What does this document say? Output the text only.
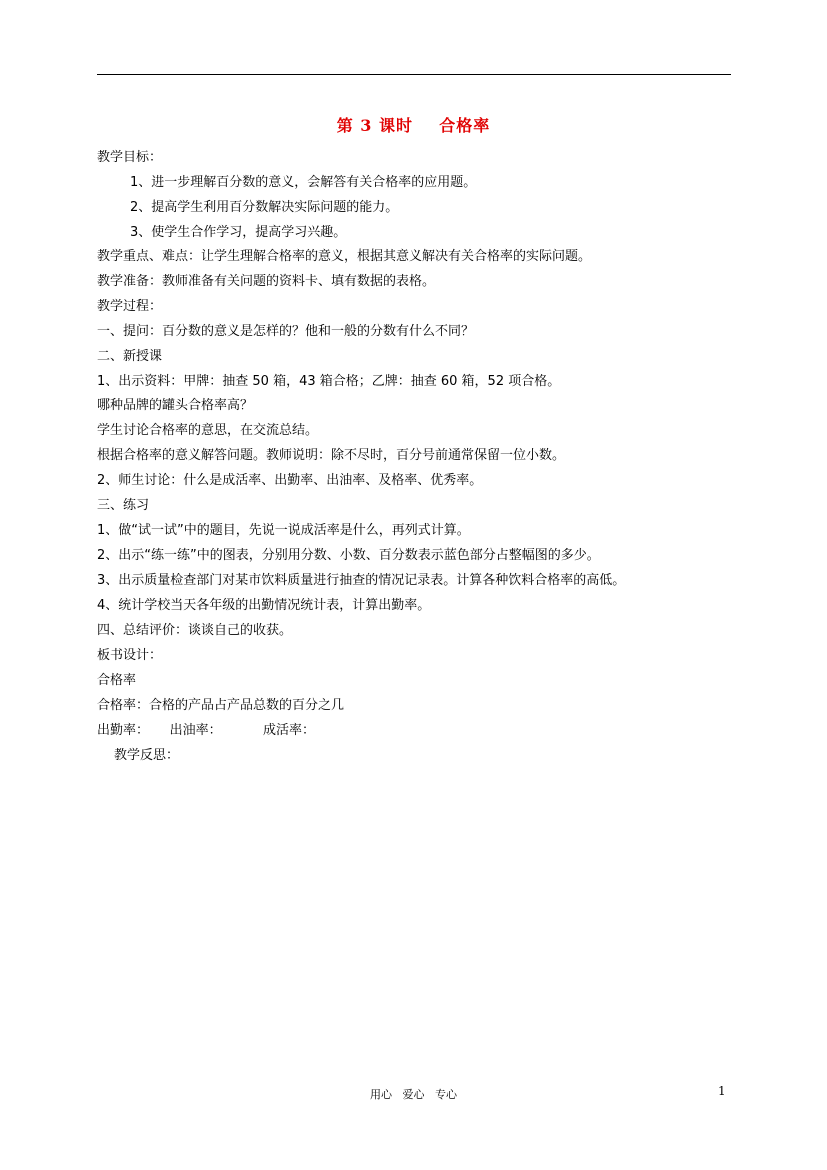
第 3 课时    合格率
教学目标：
1、进一步理解百分数的意义，会解答有关合格率的应用题。
2、提高学生利用百分数解决实际问题的能力。
3、使学生合作学习，提高学习兴趣。
教学重点、难点：让学生理解合格率的意义，根据其意义解决有关合格率的实际问题。
教学准备：教师准备有关问题的资料卡、填有数据的表格。
教学过程：
一、提问：百分数的意义是怎样的？他和一般的分数有什么不同？
二、新授课
1、出示资料：甲牌：抽查 50 箱，43 箱合格；乙牌：抽查 60 箱，52 项合格。
哪种品牌的罐头合格率高？
学生讨论合格率的意思，在交流总结。
根据合格率的意义解答问题。教师说明：除不尽时，百分号前通常保留一位小数。
2、师生讨论：什么是成活率、出勤率、出油率、及格率、优秀率。
三、练习
1、做“试一试”中的题目，先说一说成活率是什么，再列式计算。
2、出示“练一练”中的图表，分别用分数、小数、百分数表示蓝色部分占整幅图的多少。
3、出示质量检查部门对某市饮料质量进行抽查的情况记录表。计算各种饮料合格率的高低。
4、统计学校当天各年级的出勤情况统计表，计算出勤率。
四、总结评价：谈谈自己的收获。
板书设计：
合格率
合格率：合格的产品占产品总数的百分之几
出勤率：     出油率：          成活率：
教学反思：
用心   爱心   专心	1
